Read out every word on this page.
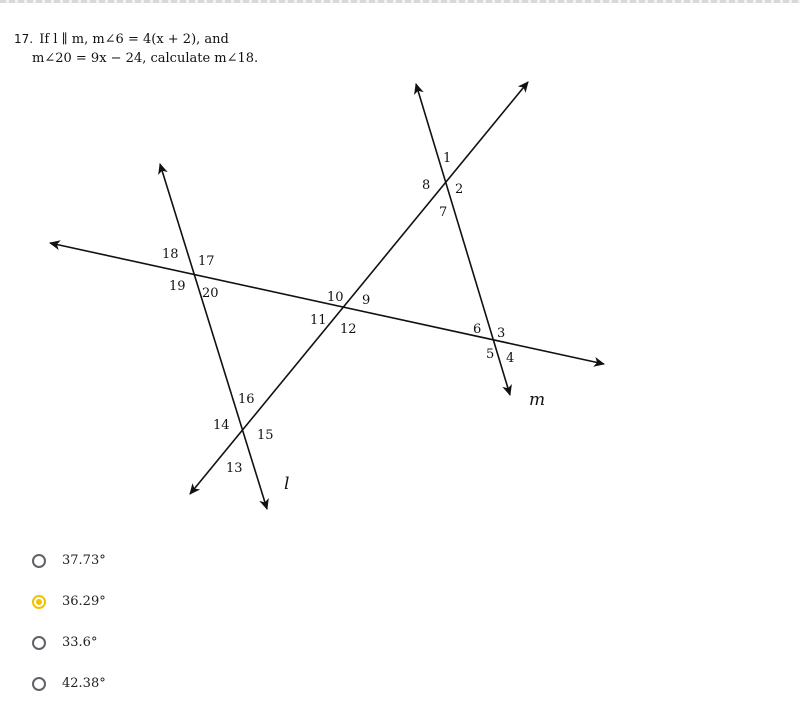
17. If l ∥ m, m∠6 = 4(x + 2), and
m∠20 = 9x − 24, calculate m∠18.
1
2
3
4
5
6
7
8
9
10
11
12
13
14
15
16
17
18
19 20
l
m
37.73°
36.29°
33.6°
42.38°
